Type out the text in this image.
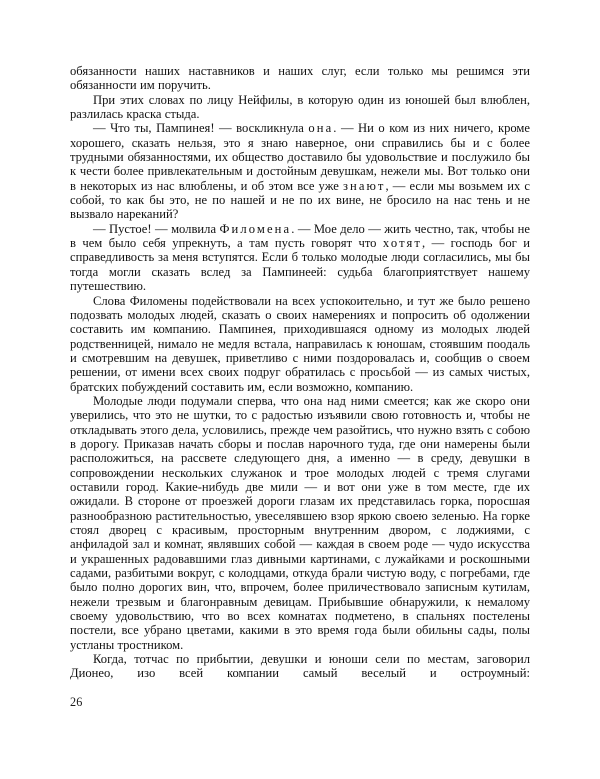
обязанности наших наставников и наших слуг, если только мы решимся эти обязанности им поручить.

При этих словах по лицу Нейфилы, в которую один из юношей был влюблен, разлилась краска стыда.

— Что ты, Пампинея! — воскликнула она. — Ни о ком из них ничего, кроме хорошего, сказать нельзя, это я знаю наверное, они справились бы и с более трудными обязанностями, их общество доставило бы удовольствие и послужило бы к чести более привлекательным и достойным девушкам, нежели мы. Вот только они в некоторых из нас влюблены, и об этом все уже знают, — если мы возьмем их с собой, то как бы это, не по нашей и не по их вине, не бросило на нас тень и не вызвало нареканий?

— Пустое! — молвила Филомена. — Мое дело — жить честно, так, чтобы не в чем было себя упрекнуть, а там пусть говорят что хотят, — господь бог и справедливость за меня вступятся. Если б только молодые люди согласились, мы бы тогда могли сказать вслед за Пампинеей: судьба благоприятствует нашему путешествию.

Слова Филомены подействовали на всех успокоительно, и тут же было решено подозвать молодых людей, сказать о своих намерениях и попросить об одолжении составить им компанию. Пампинея, приходившаяся одному из молодых людей родственницей, нимало не медля встала, направилась к юношам, стоявшим поодаль и смотревшим на девушек, приветливо с ними поздоровалась и, сообщив о своем решении, от имени всех своих подруг обратилась с просьбой — из самых чистых, братских побуждений составить им, если возможно, компанию.

Молодые люди подумали сперва, что она над ними смеется; как же скоро они уверились, что это не шутки, то с радостью изъявили свою готовность и, чтобы не откладывать этого дела, условились, прежде чем разойтись, что нужно взять с собою в дорогу. Приказав начать сборы и послав нарочного туда, где они намерены были расположиться, на рассвете следующего дня, а именно — в среду, девушки в сопровождении нескольких служанок и трое молодых людей с тремя слугами оставили город. Какие-нибудь две мили — и вот они уже в том месте, где их ожидали. В стороне от проезжей дороги глазам их представилась горка, поросшая разнообразною растительностью, увеселявшею взор яркою своею зеленью. На горке стоял дворец с красивым, просторным внутренним двором, с лоджиями, с анфиладой зал и комнат, являвших собой — каждая в своем роде — чудо искусства и украшенных радовавшими глаз дивными картинами, с лужайками и роскошными садами, разбитыми вокруг, с колодцами, откуда брали чистую воду, с погребами, где было полно дорогих вин, что, впрочем, более приличествовало записным кутилам, нежели трезвым и благонравным девицам. Прибывшие обнаружили, к немалому своему удовольствию, что во всех комнатах подметено, в спальнях постелены постели, все убрано цветами, какими в это время года были обильны сады, полы устланы тростником.

Когда, тотчас по прибытии, девушки и юноши сели по местам, заговорил Дионео, изо всей компании самый веселый и остроумный:

26
